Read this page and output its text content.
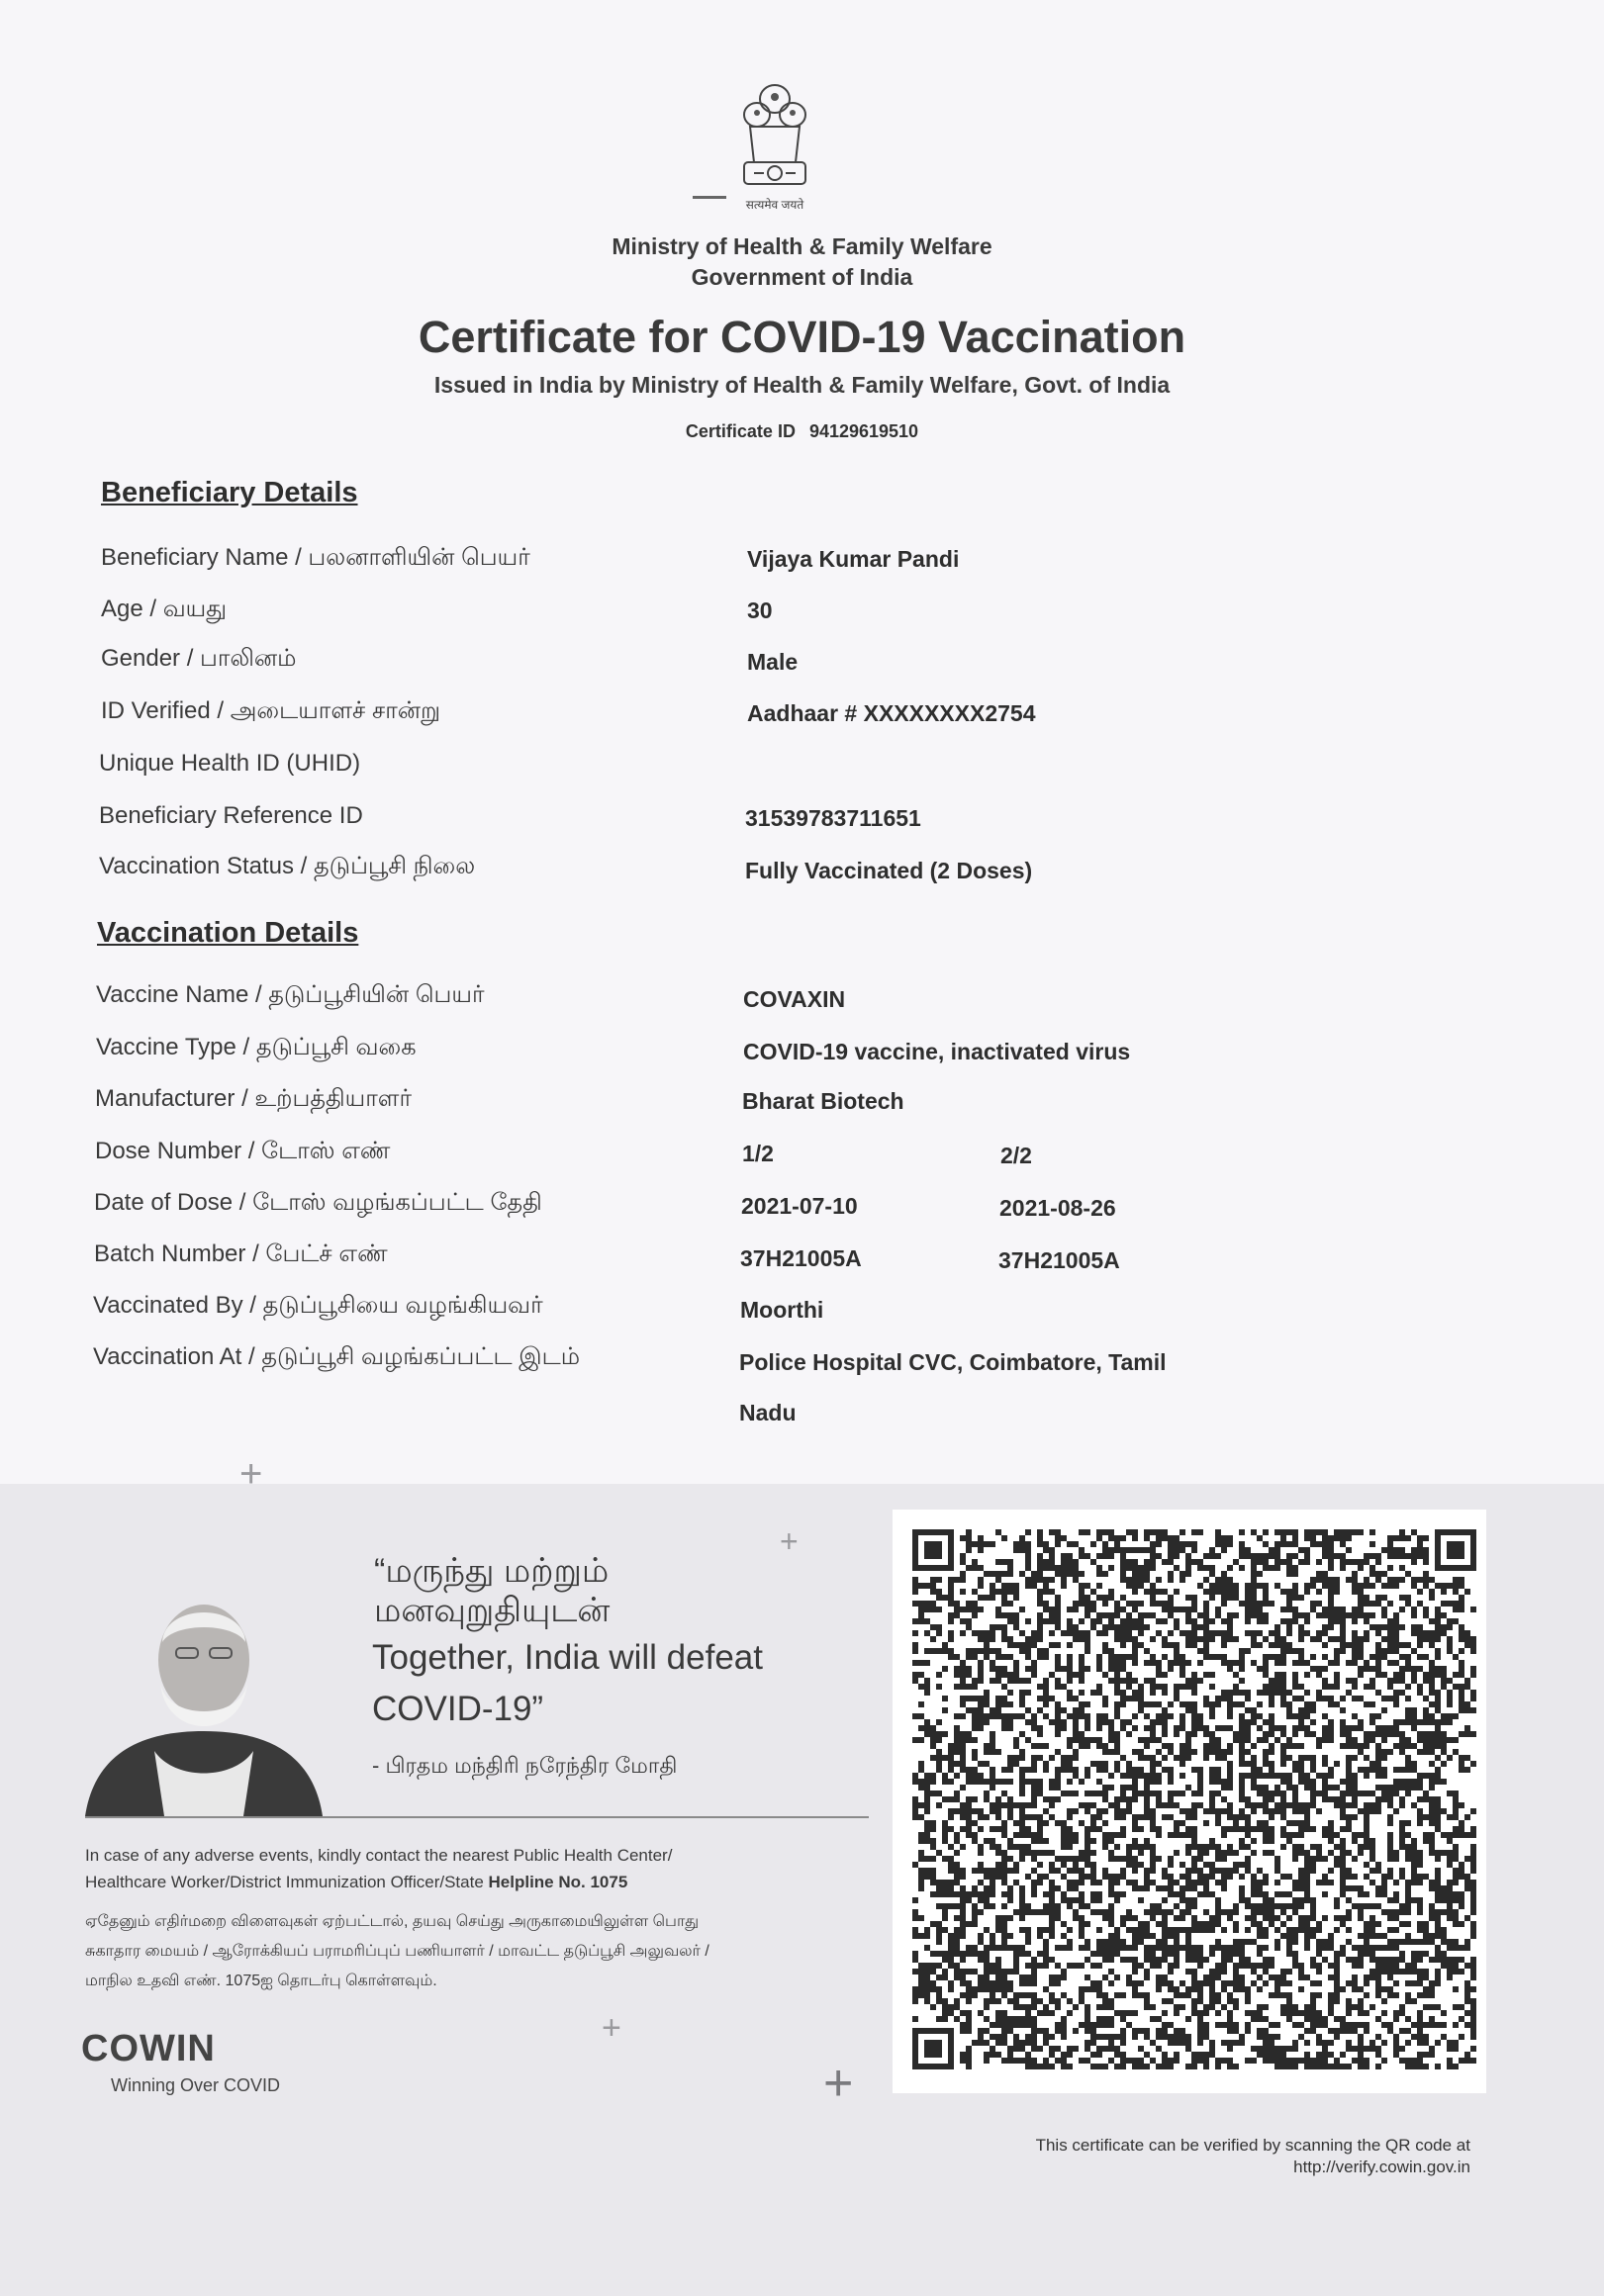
सत्यमेव जयते
Ministry of Health & Family Welfare
Government of India
Certificate for COVID-19 Vaccination
Issued in India by Ministry of Health & Family Welfare, Govt. of India
Certificate ID 94129619510
Beneficiary Details
Beneficiary Name / பலனாளியின் பெயர்	Vijaya Kumar Pandi
Age / வயது	30
Gender / பாலினம்	Male
ID Verified / அடையாளச் சான்று	Aadhaar # XXXXXXXX2754
Unique Health ID (UHID)
Beneficiary Reference ID	31539783711651
Vaccination Status / தடுப்பூசி நிலை	Fully Vaccinated (2 Doses)
Vaccination Details
Vaccine Name / தடுப்பூசியின் பெயர்	COVAXIN
Vaccine Type / தடுப்பூசி வகை	COVID-19 vaccine, inactivated virus
Manufacturer / உற்பத்தியாளர்	Bharat Biotech
Dose Number / டோஸ் எண்	1/2	2/2
Date of Dose / டோஸ் வழங்கப்பட்ட தேதி	2021-07-10	2021-08-26
Batch Number / பேட்ச் எண்	37H21005A	37H21005A
Vaccinated By / தடுப்பூசியை வழங்கியவர்	Moorthi
Vaccination At / தடுப்பூசி வழங்கப்பட்ட இடம்	Police Hospital CVC, Coimbatore, Tamil
Nadu
+
+
+
+
“மருந்து மற்றும்
மனவுறுதியுடன்
Together, India will defeat
COVID-19”
- பிரதம மந்திரி நரேந்திர மோதி
In case of any adverse events, kindly contact the nearest Public Health Center/
Healthcare Worker/District Immunization Officer/State Helpline No. 1075
ஏதேனும் எதிர்மறை விளைவுகள் ஏற்பட்டால், தயவு செய்து அருகாமையிலுள்ள பொது
சுகாதார மையம் / ஆரோக்கியப் பராமரிப்புப் பணியாளர் / மாவட்ட தடுப்பூசி அலுவலர் /
மாநில உதவி எண். 1075ஐ தொடர்பு கொள்ளவும்.
COWIN
Winning Over COVID
This certificate can be verified by scanning the QR code at
http://verify.cowin.gov.in
